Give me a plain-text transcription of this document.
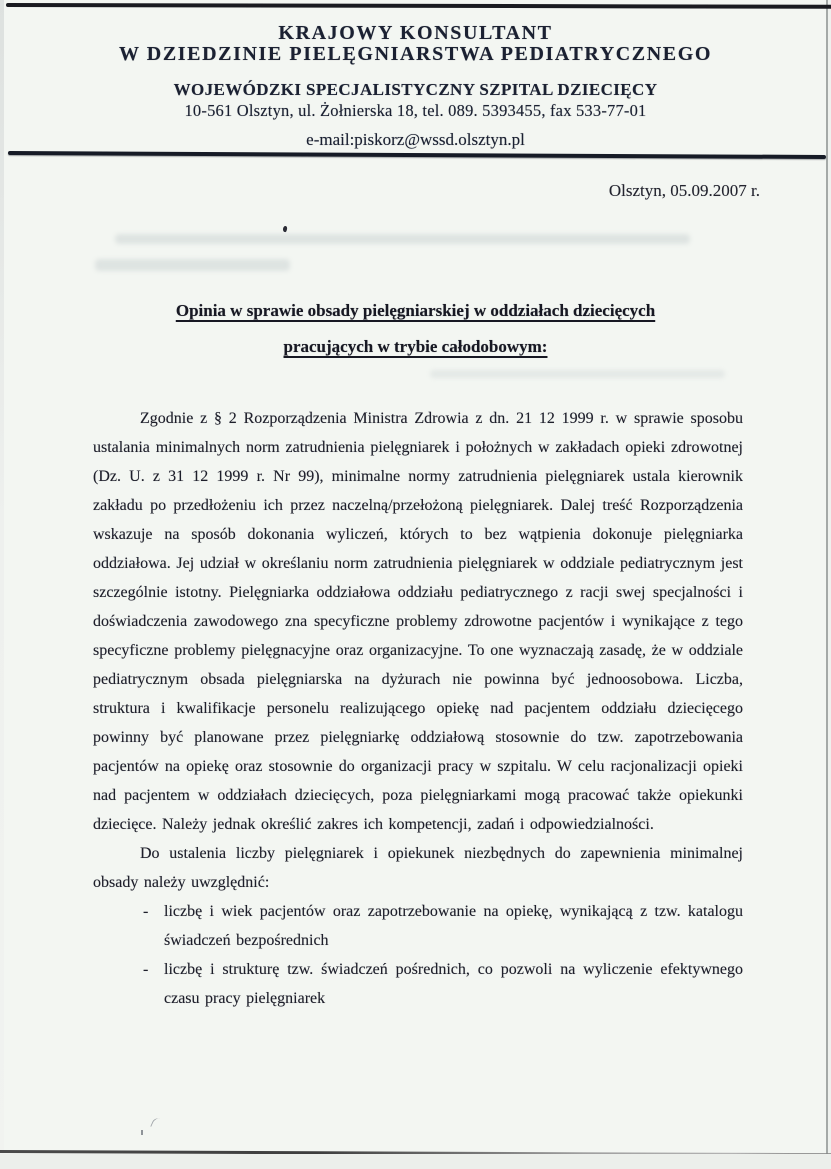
KRAJOWY KONSULTANT
W DZIEDZINIE PIELĘGNIARSTWA PEDIATRYCZNEGO
WOJEWÓDZKI SPECJALISTYCZNY SZPITAL DZIECIĘCY
10-561 Olsztyn, ul. Żołnierska 18, tel. 089. 5393455, fax 533-77-01
e-mail:piskorz@wssd.olsztyn.pl
Olsztyn, 05.09.2007 r.
Opinia w sprawie obsady pielęgniarskiej w oddziałach dziecięcych
pracujących w trybie całodobowym:

Zgodnie z § 2 Rozporządzenia Ministra Zdrowia z dn. 21 12 1999 r. w sprawie sposobu ustalania minimalnych norm zatrudnienia pielęgniarek i położnych w zakładach opieki zdrowotnej (Dz. U. z 31 12 1999 r. Nr 99), minimalne normy zatrudnienia pielęgniarek ustala kierownik zakładu po przedłożeniu ich przez naczelną/przełożoną pielęgniarek. Dalej treść Rozporządzenia wskazuje na sposób dokonania wyliczeń, których to bez wątpienia dokonuje pielęgniarka oddziałowa. Jej udział w określaniu norm zatrudnienia pielęgniarek w oddziale pediatrycznym jest szczególnie istotny. Pielęgniarka oddziałowa oddziału pediatrycznego z racji swej specjalności i doświadczenia zawodowego zna specyficzne problemy zdrowotne pacjentów i wynikające z tego specyficzne problemy pielęgnacyjne oraz organizacyjne. To one wyznaczają zasadę, że w oddziale pediatrycznym obsada pielęgniarska na dyżurach nie powinna być jednoosobowa. Liczba, struktura i kwalifikacje personelu realizującego opiekę nad pacjentem oddziału dziecięcego powinny być planowane przez pielęgniarkę oddziałową stosownie do tzw. zapotrzebowania pacjentów na opiekę oraz stosownie do organizacji pracy w szpitalu. W celu racjonalizacji opieki nad pacjentem w oddziałach dziecięcych, poza pielęgniarkami mogą pracować także opiekunki dziecięce. Należy jednak określić zakres ich kompetencji, zadań i odpowiedzialności.

Do ustalenia liczby pielęgniarek i opiekunek niezbędnych do zapewnienia minimalnej obsady należy uwzględnić:

- liczbę i wiek pacjentów oraz zapotrzebowanie na opiekę, wynikającą z tzw. katalogu świadczeń bezpośrednich
- liczbę i strukturę tzw. świadczeń pośrednich, co pozwoli na wyliczenie efektywnego czasu pracy pielęgniarek
